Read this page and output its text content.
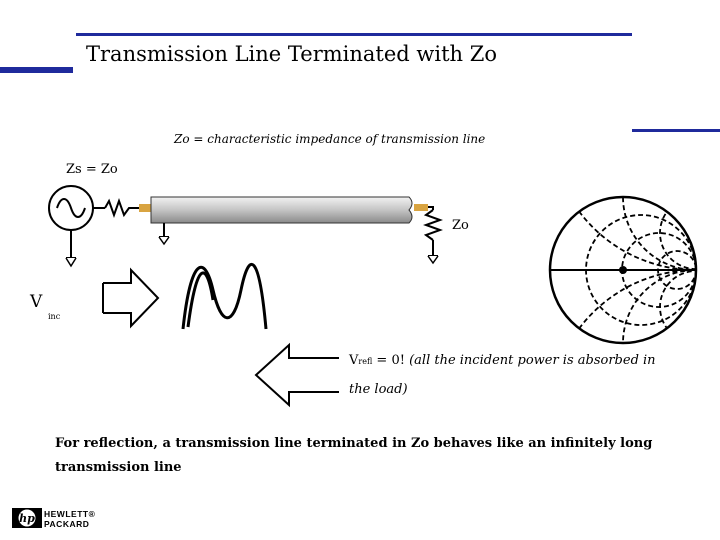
Transmission Line Terminated with Zo
Zo = characteristic impedance of transmission line
Zs = Zo
Zo
V
inc
Vrefl = 0! (all the incident power is absorbed in the load)
For reflection, a transmission line terminated in Zo behaves like an infinitely long transmission line
hp HEWLETT®
PACKARD
